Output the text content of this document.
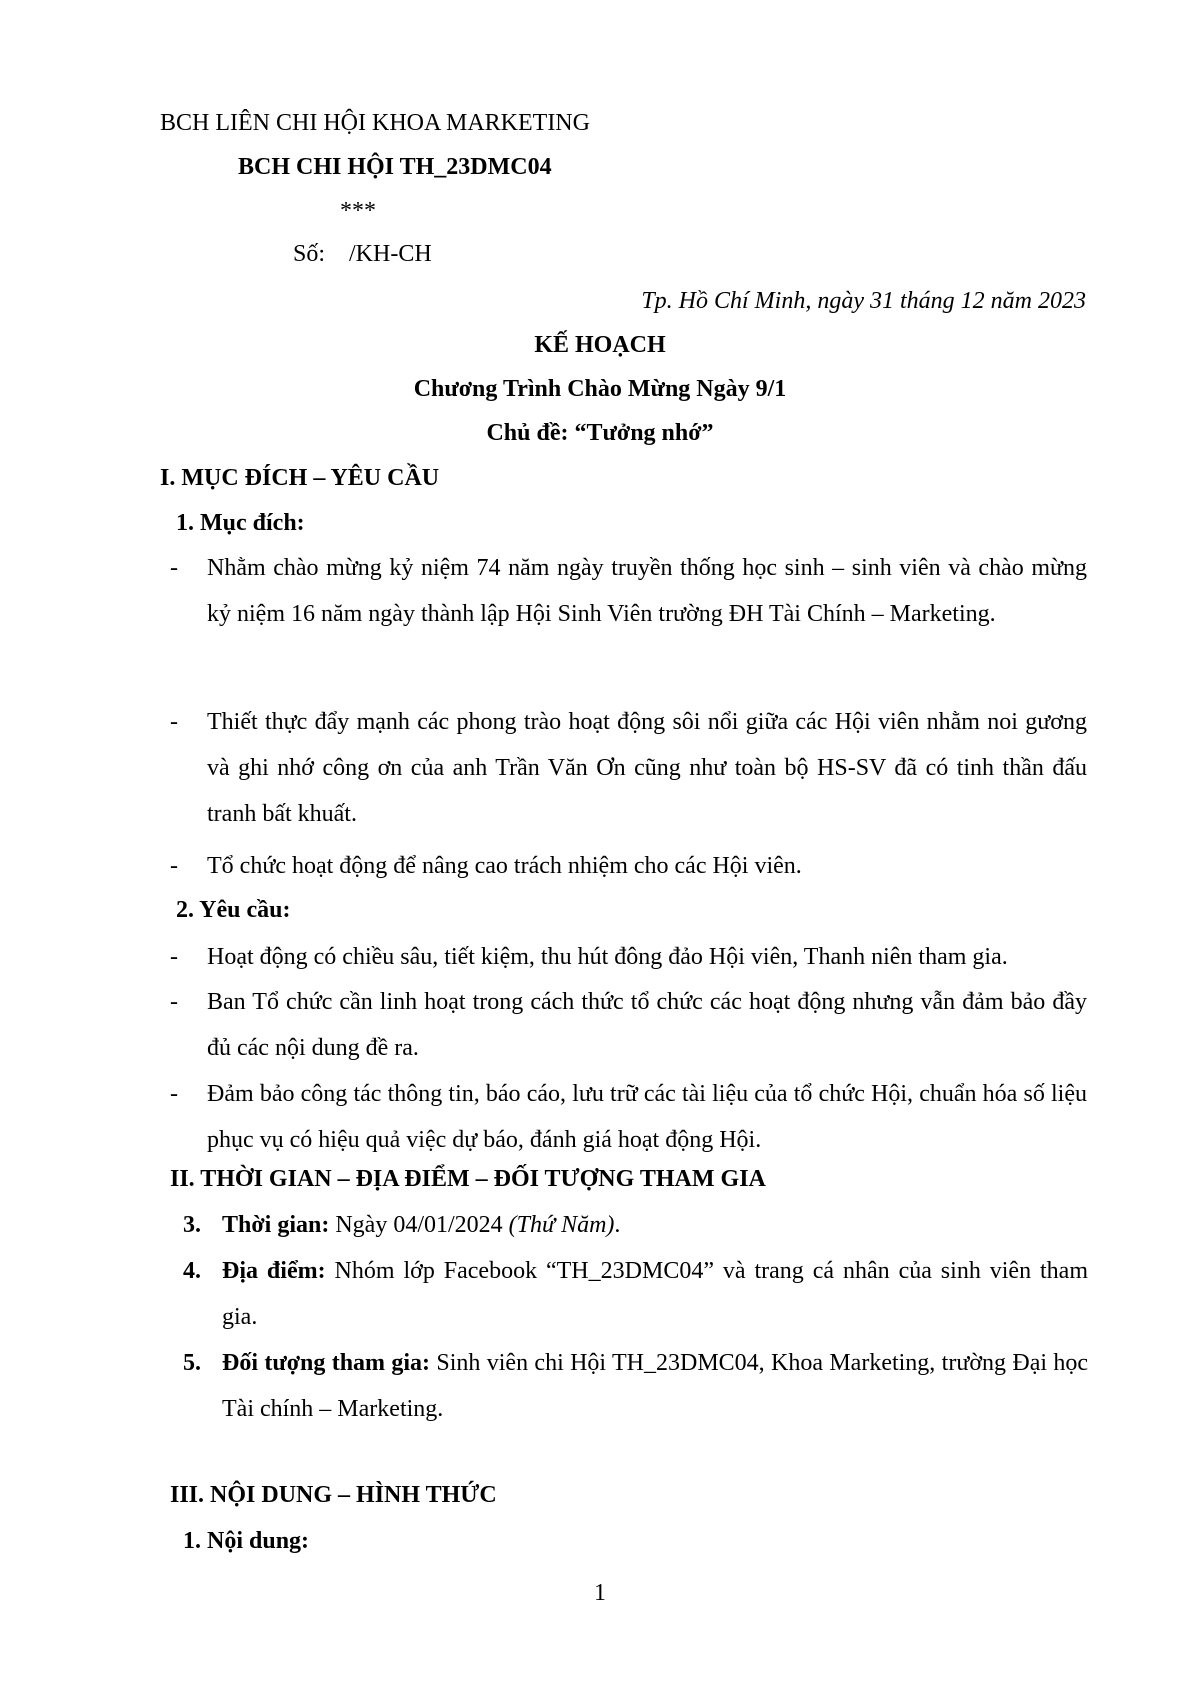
BCH LIÊN CHI HỘI KHOA MARKETING
BCH CHI HỘI TH_23DMC04
***
Số:    /KH-CH
Tp. Hồ Chí Minh, ngày 31 tháng 12 năm 2023
KẾ HOẠCH
Chương Trình Chào Mừng Ngày 9/1
Chủ đề: “Tưởng nhớ”
I. MỤC ĐÍCH – YÊU CẦU
1. Mục đích:
- Nhằm chào mừng kỷ niệm 74 năm ngày truyền thống học sinh – sinh viên và chào mừng kỷ niệm 16 năm ngày thành lập Hội Sinh Viên trường ĐH Tài Chính – Marketing.

- Thiết thực đẩy mạnh các phong trào hoạt động sôi nổi giữa các Hội viên nhằm noi gương và ghi nhớ công ơn của anh Trần Văn Ơn cũng như toàn bộ HS-SV đã có tinh thần đấu tranh bất khuất.

- Tổ chức hoạt động để nâng cao trách nhiệm cho các Hội viên.

2. Yêu cầu:
- Hoạt động có chiều sâu, tiết kiệm, thu hút đông đảo Hội viên, Thanh niên tham gia.

- Ban Tổ chức cần linh hoạt trong cách thức tổ chức các hoạt động nhưng vẫn đảm bảo đầy đủ các nội dung đề ra.

- Đảm bảo công tác thông tin, báo cáo, lưu trữ các tài liệu của tổ chức Hội, chuẩn hóa số liệu phục vụ có hiệu quả việc dự báo, đánh giá hoạt động Hội.

II. THỜI GIAN – ĐỊA ĐIỂM – ĐỐI TƯỢNG THAM GIA
3. Thời gian: Ngày 04/01/2024 (Thứ Năm).

4. Địa điểm: Nhóm lớp Facebook “TH_23DMC04” và trang cá nhân của sinh viên tham gia.

5. Đối tượng tham gia: Sinh viên chi Hội TH_23DMC04, Khoa Marketing, trường Đại học Tài chính – Marketing.

III. NỘI DUNG – HÌNH THỨC
1. Nội dung:
1
